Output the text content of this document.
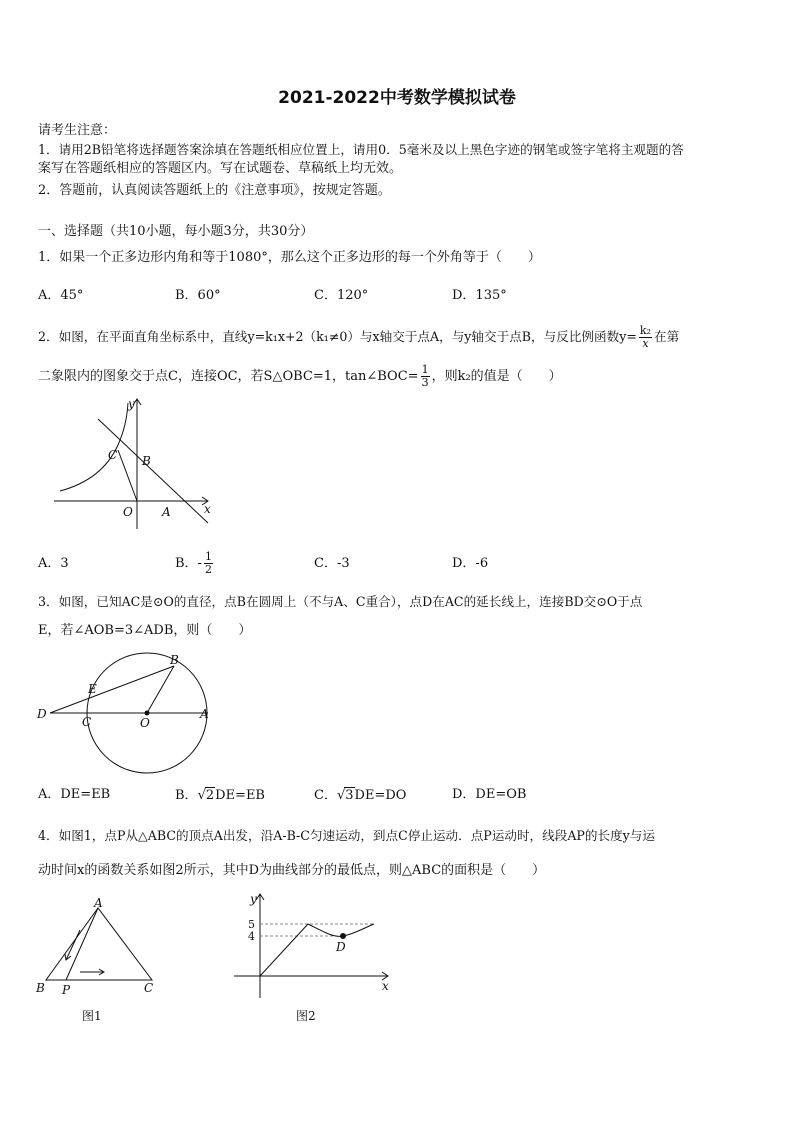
2021-2022中考数学模拟试卷
请考生注意：
1．请用2B铅笔将选择题答案涂填在答题纸相应位置上，请用0．5毫米及以上黑色字迹的钢笔或签字笔将主观题的答
案写在答题纸相应的答题区内。写在试题卷、草稿纸上均无效。
2．答题前，认真阅读答题纸上的《注意事项》，按规定答题。
一、选择题（共10小题，每小题3分，共30分）
1．如果一个正多边形内角和等于1080°，那么这个正多边形的每一个外角等于（　　）
A．45°	B．60°	C．120°	D．135°
2．如图，在平面直角坐标系中，直线y=k₁x+2（k₁≠0）与x轴交于点A，与y轴交于点B，与反比例函数$y= \frac{\text{k₂}}{x}$ 在第
二象限内的图象交于点C，连接OC，若S△OBC=1，tan∠BOC= $\frac{1}{3}$ ，则k₂的值是（　　）
y
x
O A
B
C
A．3	B．- $\frac{1}{2}$	C．-3	D．-6
3．如图，已知AC是⊙O的直径，点B在圆周上（不与A、C重合），点D在AC的延长线上，连接BD交⊙O于点
E，若∠AOB=3∠ADB，则（　　）
D
C	O
A
B
E
A．DE=EB	B．√2DE=EB	C．√3DE=DO	D．DE=OB
4．如图1，点P从△ABC的顶点A出发，沿A-B-C匀速运动，到点C停止运动．点P运动时，线段AP的长度y与运
动时间x的函数关系如图2所示，其中D为曲线部分的最低点，则△ABC的面积是（　　）
A
B P	C
图1
y
x
5
4
D
图2
